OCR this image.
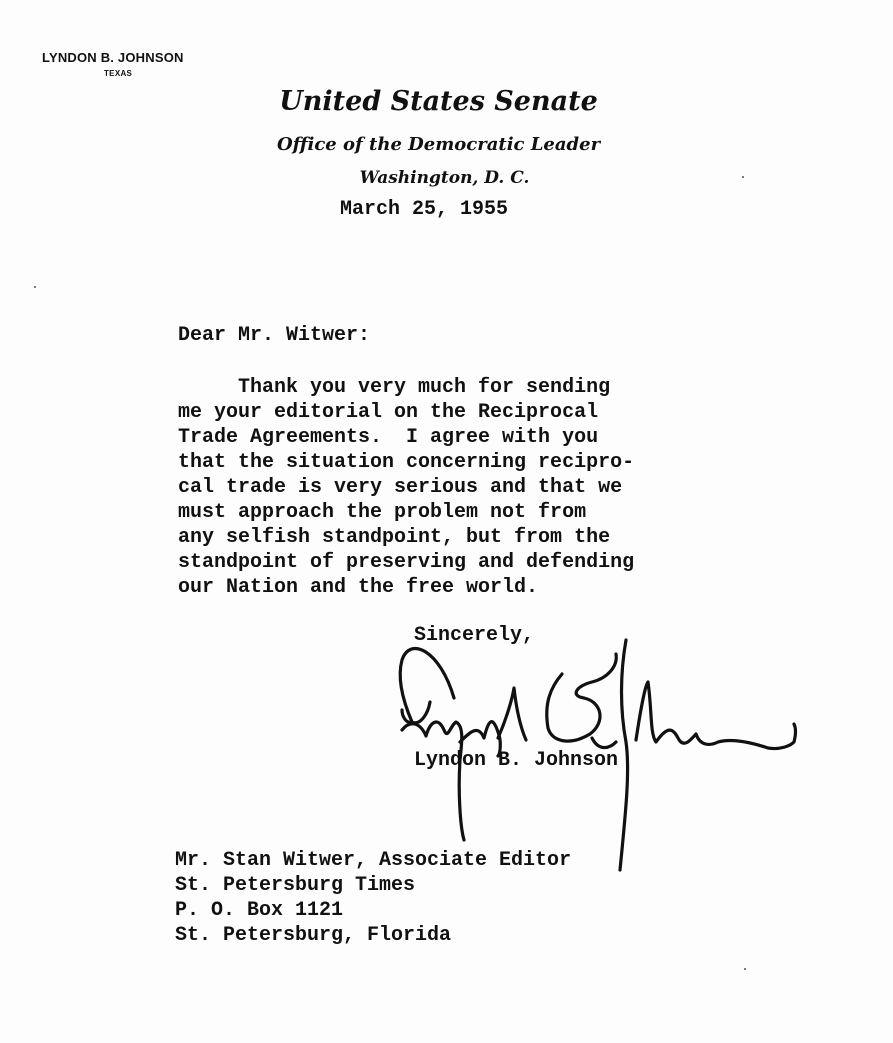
LYNDON B. JOHNSON
TEXAS
United States Senate
Office of the Democratic Leader
Washington, D. C.
March 25, 1955
Dear Mr. Witwer:
Thank you very much for sending
me your editorial on the Reciprocal
Trade Agreements.  I agree with you
that the situation concerning recipro-
cal trade is very serious and that we
must approach the problem not from
any selfish standpoint, but from the
standpoint of preserving and defending
our Nation and the free world.
Sincerely,
Lyndon B. Johnson
Mr. Stan Witwer, Associate Editor
St. Petersburg Times
P. O. Box 1121
St. Petersburg, Florida
